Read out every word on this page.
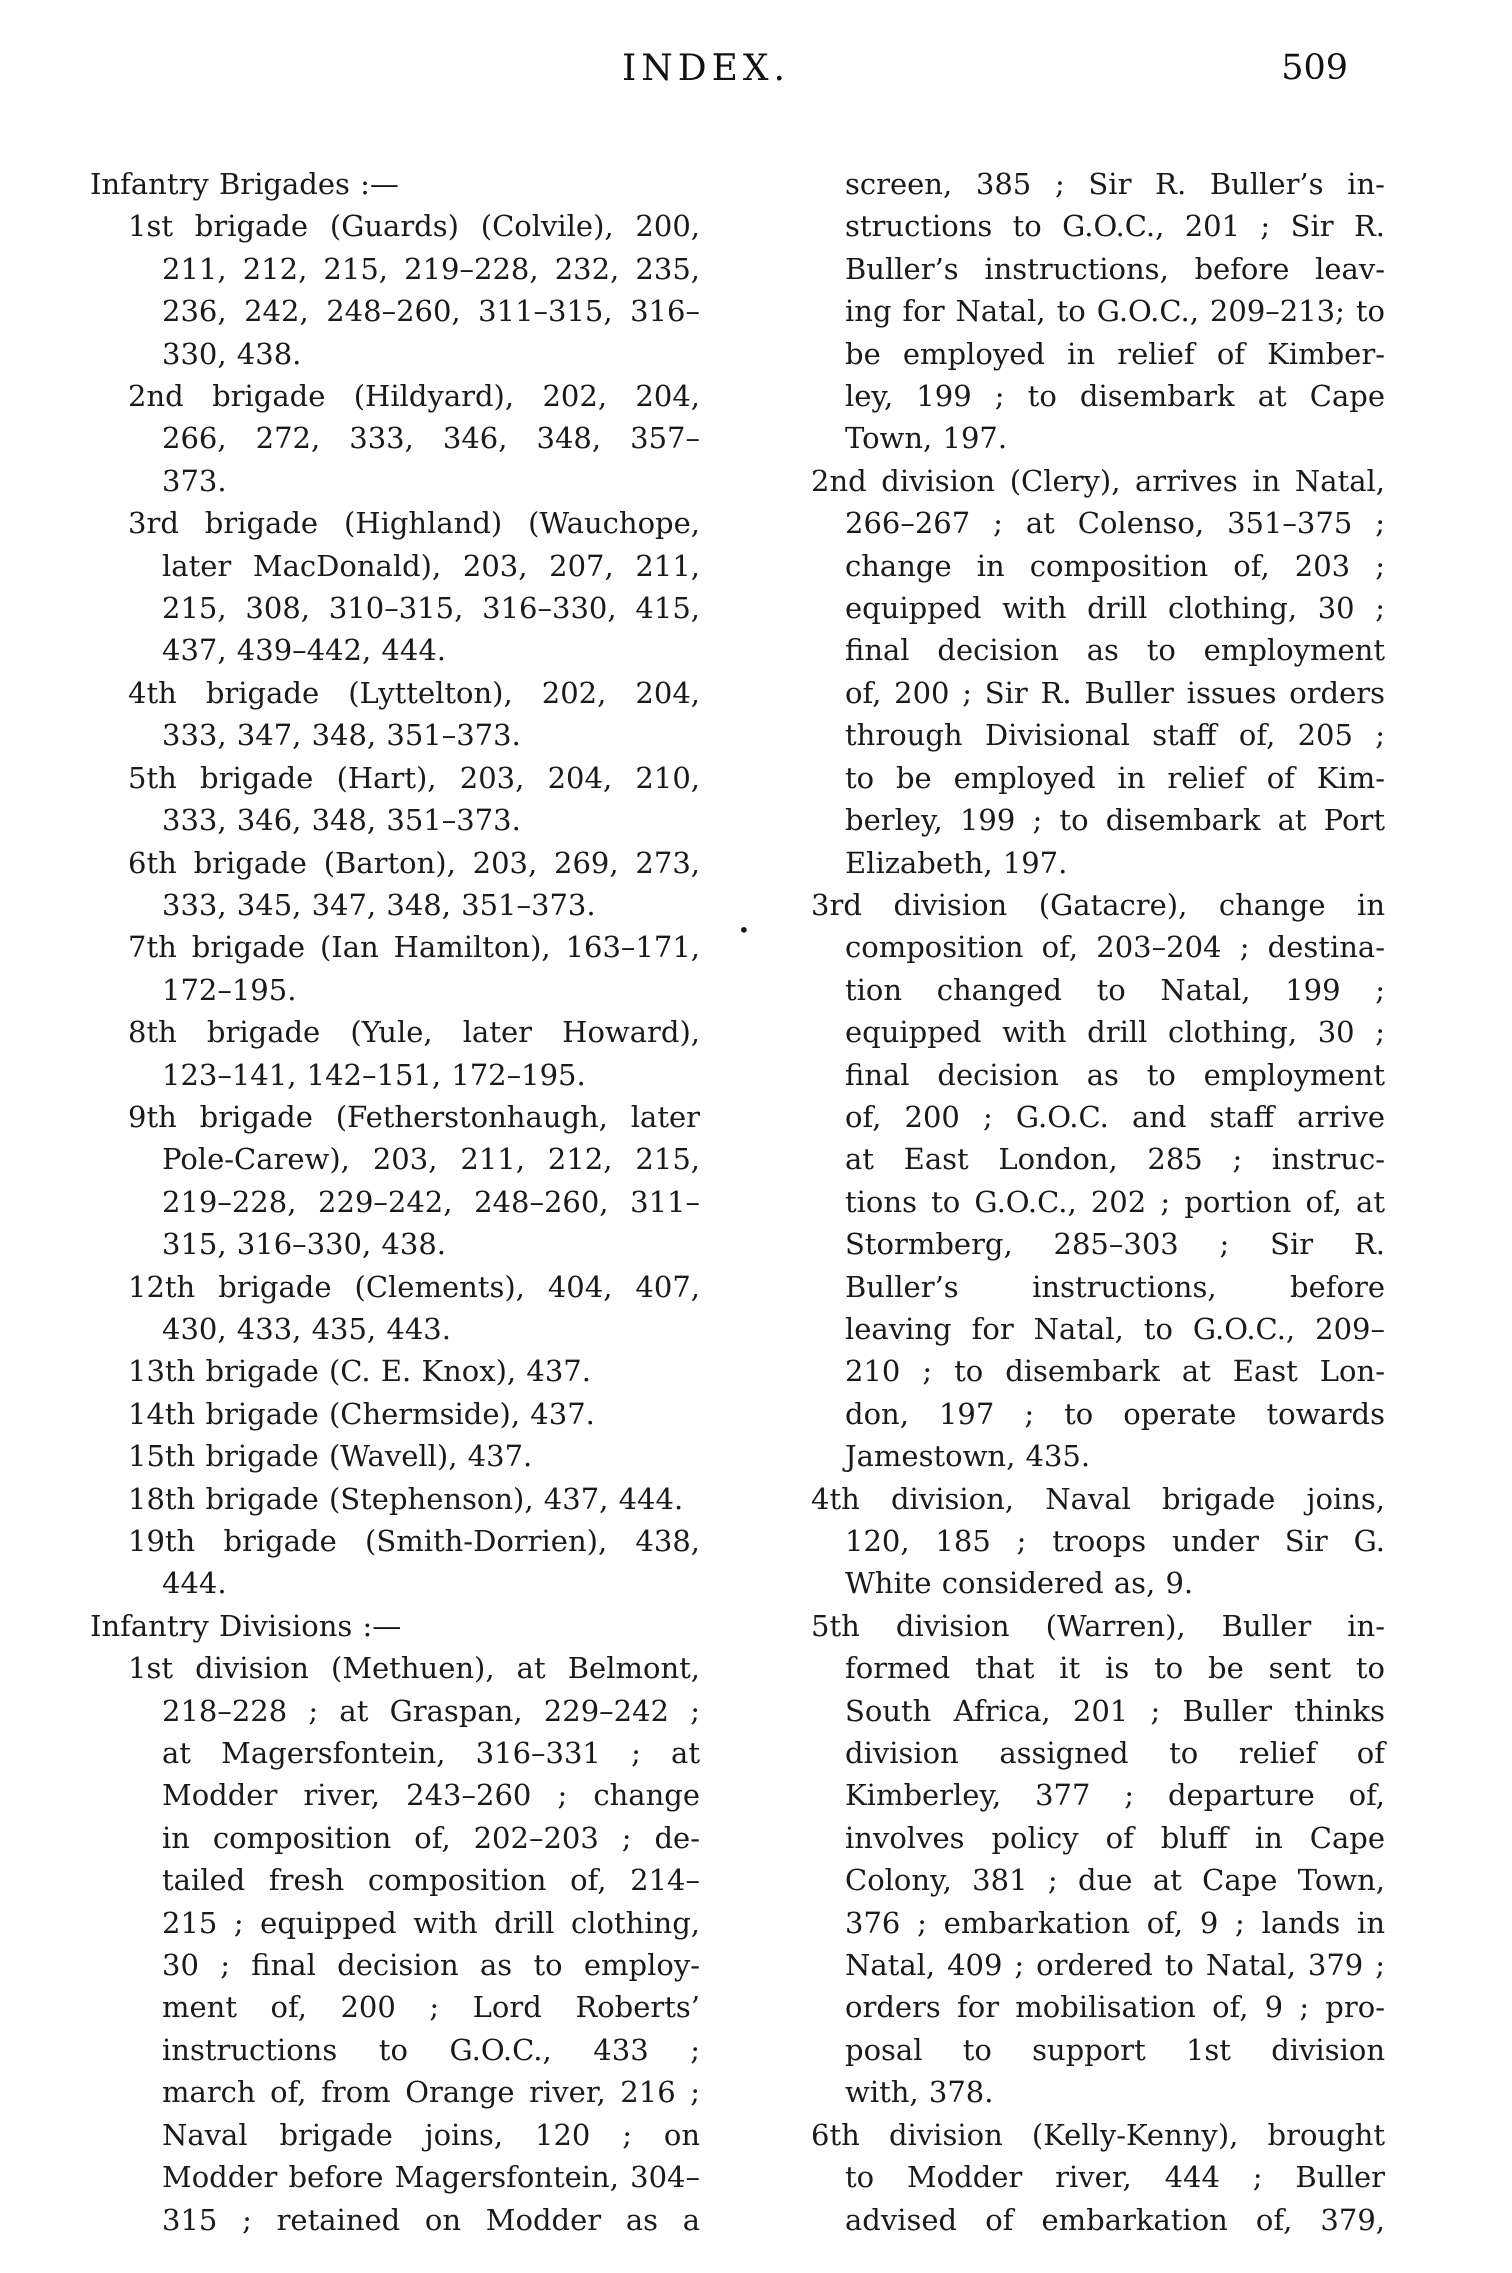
INDEX.	509
Infantry Brigades :—
1st brigade (Guards) (Colvile), 200,
211, 212, 215, 219–228, 232, 235,
236, 242, 248–260, 311–315, 316–
330, 438.
2nd brigade (Hildyard), 202, 204,
266, 272, 333, 346, 348, 357–
373.
3rd brigade (Highland) (Wauchope,
later MacDonald), 203, 207, 211,
215, 308, 310–315, 316–330, 415,
437, 439–442, 444.
4th brigade (Lyttelton), 202, 204,
333, 347, 348, 351–373.
5th brigade (Hart), 203, 204, 210,
333, 346, 348, 351–373.
6th brigade (Barton), 203, 269, 273,
333, 345, 347, 348, 351–373.
7th brigade (Ian Hamilton), 163–171,
172–195.
8th brigade (Yule, later Howard),
123–141, 142–151, 172–195.
9th brigade (Fetherstonhaugh, later
Pole-Carew), 203, 211, 212, 215,
219–228, 229–242, 248–260, 311–
315, 316–330, 438.
12th brigade (Clements), 404, 407,
430, 433, 435, 443.
13th brigade (C. E. Knox), 437.
14th brigade (Chermside), 437.
15th brigade (Wavell), 437.
18th brigade (Stephenson), 437, 444.
19th brigade (Smith-Dorrien), 438,
444.
Infantry Divisions :—
1st division (Methuen), at Belmont,
218–228 ; at Graspan, 229–242 ;
at Magersfontein, 316–331 ; at
Modder river, 243–260 ; change
in composition of, 202–203 ; de-
tailed fresh composition of, 214–
215 ; equipped with drill clothing,
30 ; final decision as to employ-
ment of, 200 ; Lord Roberts’
instructions to G.O.C., 433 ;
march of, from Orange river, 216 ;
Naval brigade joins, 120 ; on
Modder before Magersfontein, 304–
315 ; retained on Modder as a
screen, 385 ; Sir R. Buller’s in-
structions to G.O.C., 201 ; Sir R.
Buller’s instructions, before leav-
ing for Natal, to G.O.C., 209–213; to
be employed in relief of Kimber-
ley, 199 ; to disembark at Cape
Town, 197.
2nd division (Clery), arrives in Natal,
266–267 ; at Colenso, 351–375 ;
change in composition of, 203 ;
equipped with drill clothing, 30 ;
final decision as to employment
of, 200 ; Sir R. Buller issues orders
through Divisional staff of, 205 ;
to be employed in relief of Kim-
berley, 199 ; to disembark at Port
Elizabeth, 197.
3rd division (Gatacre), change in
composition of, 203–204 ; destina-
tion changed to Natal, 199 ;
equipped with drill clothing, 30 ;
final decision as to employment
of, 200 ; G.O.C. and staff arrive
at East London, 285 ; instruc-
tions to G.O.C., 202 ; portion of, at
Stormberg, 285–303 ; Sir R.
Buller’s instructions, before
leaving for Natal, to G.O.C., 209–
210 ; to disembark at East Lon-
don, 197 ; to operate towards
Jamestown, 435.
4th division, Naval brigade joins,
120, 185 ; troops under Sir G.
White considered as, 9.
5th division (Warren), Buller in-
formed that it is to be sent to
South Africa, 201 ; Buller thinks
division assigned to relief of
Kimberley, 377 ; departure of,
involves policy of bluff in Cape
Colony, 381 ; due at Cape Town,
376 ; embarkation of, 9 ; lands in
Natal, 409 ; ordered to Natal, 379 ;
orders for mobilisation of, 9 ; pro-
posal to support 1st division
with, 378.
6th division (Kelly-Kenny), brought
to Modder river, 444 ; Buller
advised of embarkation of, 379,
•
